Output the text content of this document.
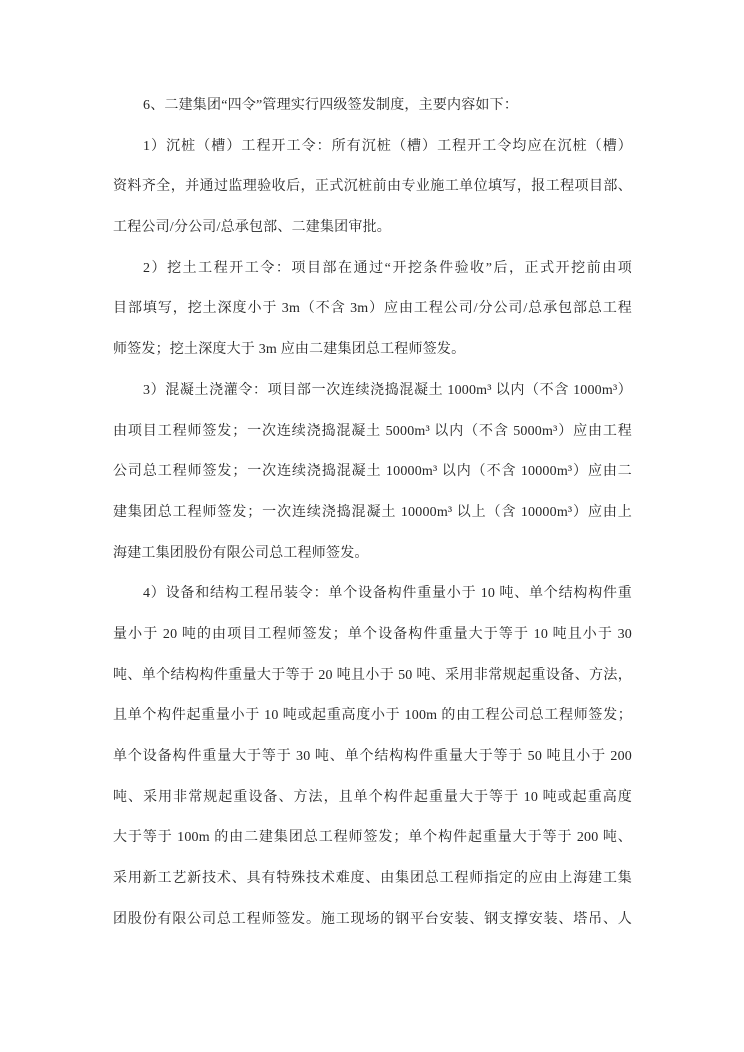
6、二建集团“四令”管理实行四级签发制度，主要内容如下：
1）沉桩（槽）工程开工令：所有沉桩（槽）工程开工令均应在沉桩（槽）
资料齐全，并通过监理验收后，正式沉桩前由专业施工单位填写，报工程项目部、
工程公司/分公司/总承包部、二建集团审批。
2）挖土工程开工令：项目部在通过“开挖条件验收”后，正式开挖前由项
目部填写，挖土深度小于 3m（不含 3m）应由工程公司/分公司/总承包部总工程
师签发；挖土深度大于 3m 应由二建集团总工程师签发。
3）混凝土浇灌令：项目部一次连续浇捣混凝土 1000m³ 以内（不含 1000m³）
由项目工程师签发；一次连续浇捣混凝土 5000m³ 以内（不含 5000m³）应由工程
公司总工程师签发；一次连续浇捣混凝土 10000m³ 以内（不含 10000m³）应由二
建集团总工程师签发；一次连续浇捣混凝土 10000m³ 以上（含 10000m³）应由上
海建工集团股份有限公司总工程师签发。
4）设备和结构工程吊装令：单个设备构件重量小于 10 吨、单个结构构件重
量小于 20 吨的由项目工程师签发；单个设备构件重量大于等于 10 吨且小于 30
吨、单个结构构件重量大于等于 20 吨且小于 50 吨、采用非常规起重设备、方法，
且单个构件起重量小于 10 吨或起重高度小于 100m 的由工程公司总工程师签发；
单个设备构件重量大于等于 30 吨、单个结构构件重量大于等于 50 吨且小于 200
吨、采用非常规起重设备、方法，且单个构件起重量大于等于 10 吨或起重高度
大于等于 100m 的由二建集团总工程师签发；单个构件起重量大于等于 200 吨、
采用新工艺新技术、具有特殊技术难度、由集团总工程师指定的应由上海建工集
团股份有限公司总工程师签发。施工现场的钢平台安装、钢支撑安装、塔吊、人
